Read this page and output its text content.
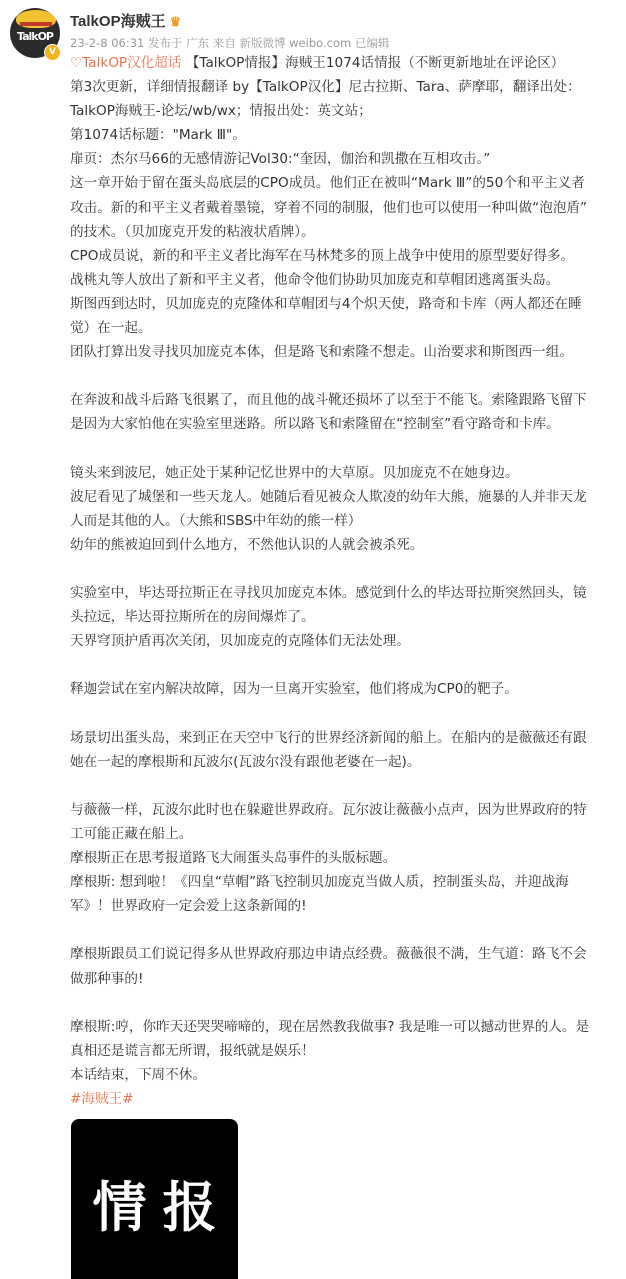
TalkOP
V
TalkOP海贼王 ♛
23-2-8 06:31 发布于 广东 来自 新版微博 weibo.com 已编辑
♡TalkOP汉化超话 【TalkOP情报】海贼王1074话情报（不断更新地址在评论区）
第3次更新，详细情报翻译 by【TalkOP汉化】尼古拉斯、Tara、萨摩耶，翻译出处：
TalkOP海贼王-论坛/wb/wx；情报出处：英文站；
第1074话标题："Mark Ⅲ"。
扉页：杰尔马66的无感情游记Vol30:“奎因，伽治和凯撒在互相攻击。”
这一章开始于留在蛋头岛底层的CPO成员。他们正在被叫“Mark Ⅲ”的50个和平主义者
攻击。新的和平主义者戴着墨镜，穿着不同的制服，他们也可以使用一种叫做“泡泡盾”
的技术。（贝加庞克开发的粘液状盾牌）。
CPO成员说，新的和平主义者比海军在马林梵多的顶上战争中使用的原型要好得多。
战桃丸等人放出了新和平主义者，他命令他们协助贝加庞克和草帽团逃离蛋头岛。
斯图西到达时，贝加庞克的克隆体和草帽团与4个炽天使，路奇和卡库（两人都还在睡
觉）在一起。
团队打算出发寻找贝加庞克本体，但是路飞和索隆不想走。山治要求和斯图西一组。
在奔波和战斗后路飞很累了，而且他的战斗靴还损坏了以至于不能飞。索隆跟路飞留下
是因为大家怕他在实验室里迷路。所以路飞和索隆留在“控制室”看守路奇和卡库。
镜头来到波尼，她正处于某种记忆世界中的大草原。贝加庞克不在她身边。
波尼看见了城堡和一些天龙人。她随后看见被众人欺凌的幼年大熊，施暴的人并非天龙
人而是其他的人。（大熊和SBS中年幼的熊一样）
幼年的熊被迫回到什么地方，不然他认识的人就会被杀死。
实验室中，毕达哥拉斯正在寻找贝加庞克本体。感觉到什么的毕达哥拉斯突然回头，镜
头拉远，毕达哥拉斯所在的房间爆炸了。
天界穹顶护盾再次关闭，贝加庞克的克隆体们无法处理。
释迦尝试在室内解决故障，因为一旦离开实验室，他们将成为CP0的靶子。
场景切出蛋头岛，来到正在天空中飞行的世界经济新闻的船上。在船内的是薇薇还有跟
她在一起的摩根斯和瓦波尔(瓦波尔没有跟他老婆在一起)。
与薇薇一样，瓦波尔此时也在躲避世界政府。瓦尔波让薇薇小点声，因为世界政府的特
工可能正藏在船上。
摩根斯正在思考报道路飞大闹蛋头岛事件的头版标题。
摩根斯: 想到啦！《四皇“草帽”路飞控制贝加庞克当做人质，控制蛋头岛，并迎战海
军》！世界政府一定会爱上这条新闻的!
摩根斯跟员工们说记得多从世界政府那边申请点经费。薇薇很不满，生气道：路飞不会
做那种事的!
摩根斯:哼，你昨天还哭哭啼啼的，现在居然教我做事? 我是唯一可以撼动世界的人。是
真相还是谎言都无所谓，报纸就是娱乐！
本话结束，下周不休。
#海贼王#
情报
